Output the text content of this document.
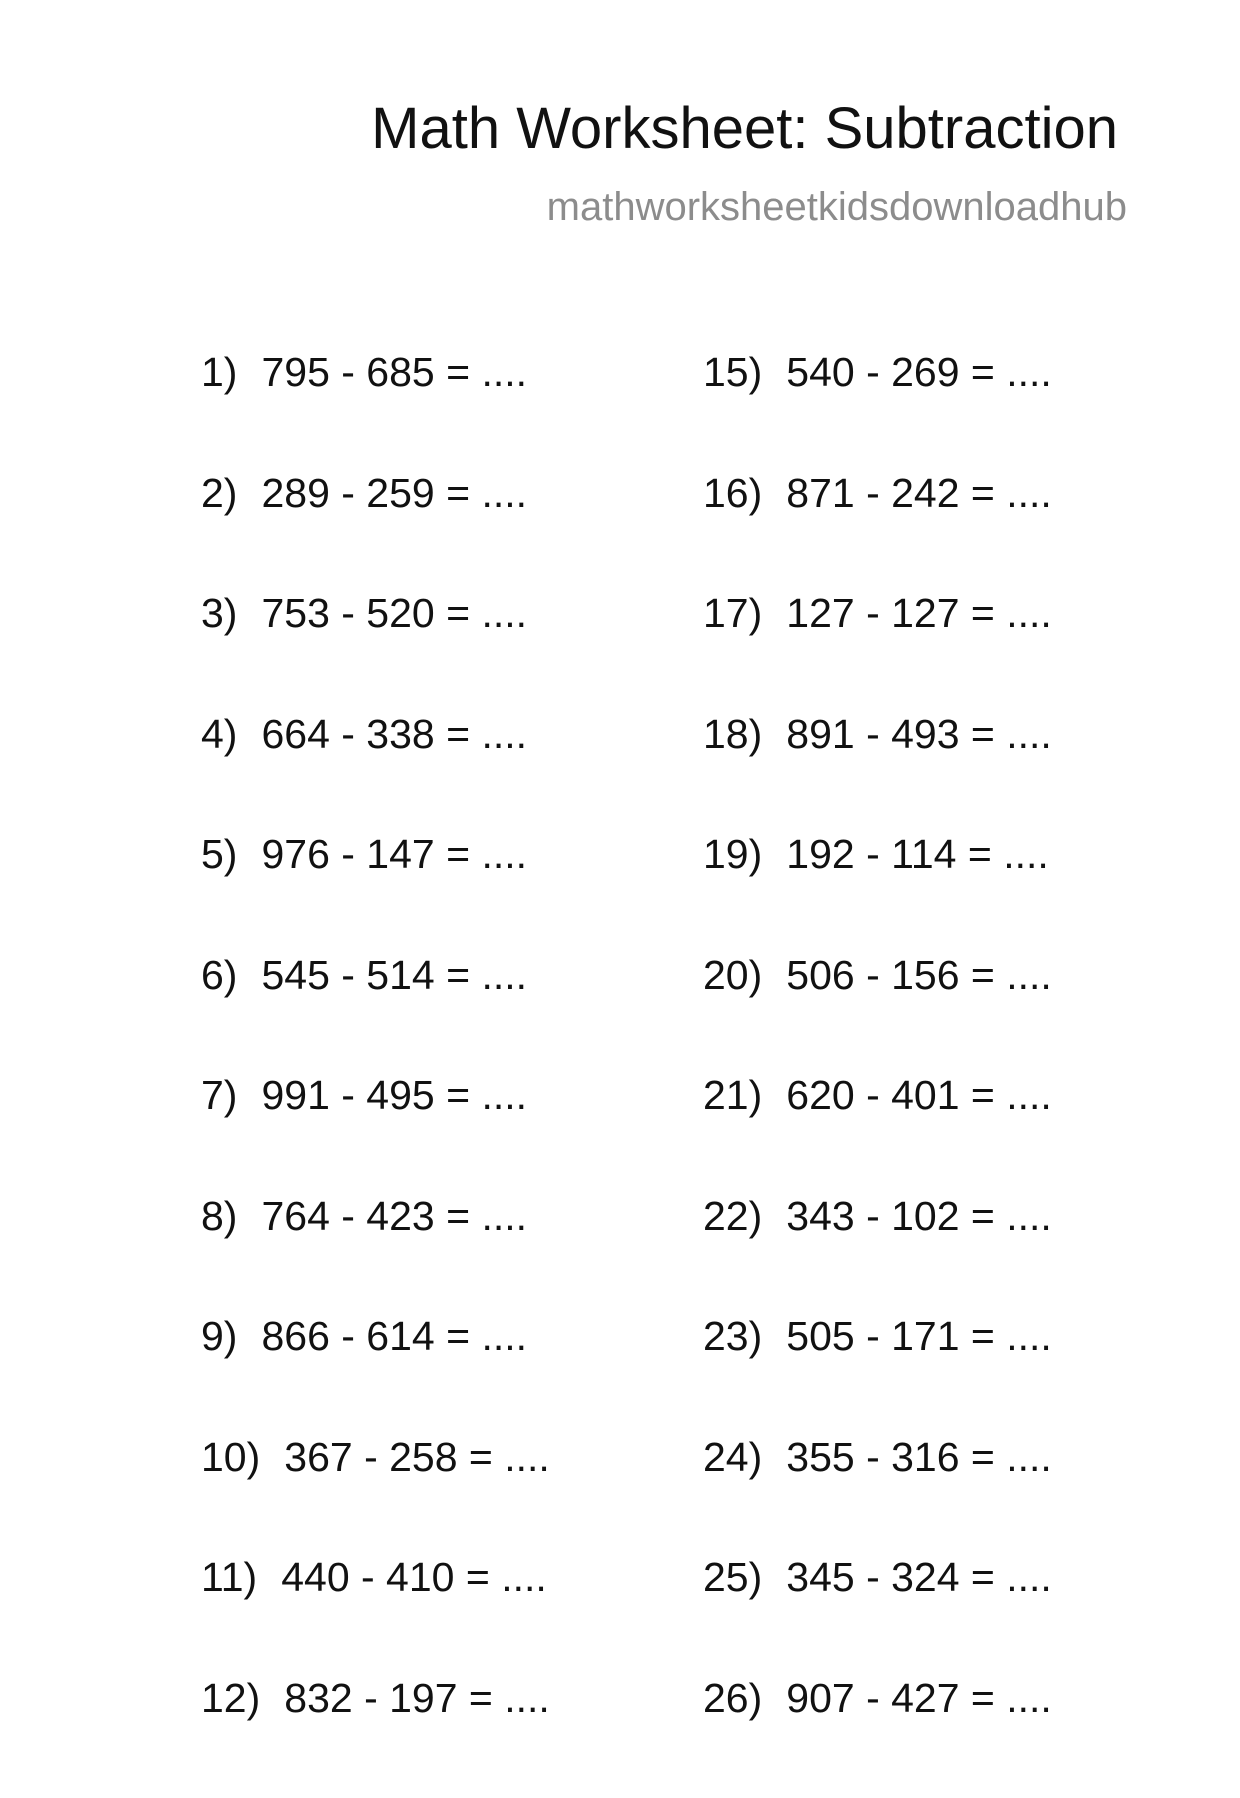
Math Worksheet: Subtraction
mathworksheetkidsdownloadhub
1) 795 - 685 = ....
2) 289 - 259 = ....
3) 753 - 520 = ....
4) 664 - 338 = ....
5) 976 - 147 = ....
6) 545 - 514 = ....
7) 991 - 495 = ....
8) 764 - 423 = ....
9) 866 - 614 = ....
10) 367 - 258 = ....
11) 440 - 410 = ....
12) 832 - 197 = ....
15) 540 - 269 = ....
16) 871 - 242 = ....
17) 127 - 127 = ....
18) 891 - 493 = ....
19) 192 - 114 = ....
20) 506 - 156 = ....
21) 620 - 401 = ....
22) 343 - 102 = ....
23) 505 - 171 = ....
24) 355 - 316 = ....
25) 345 - 324 = ....
26) 907 - 427 = ....
